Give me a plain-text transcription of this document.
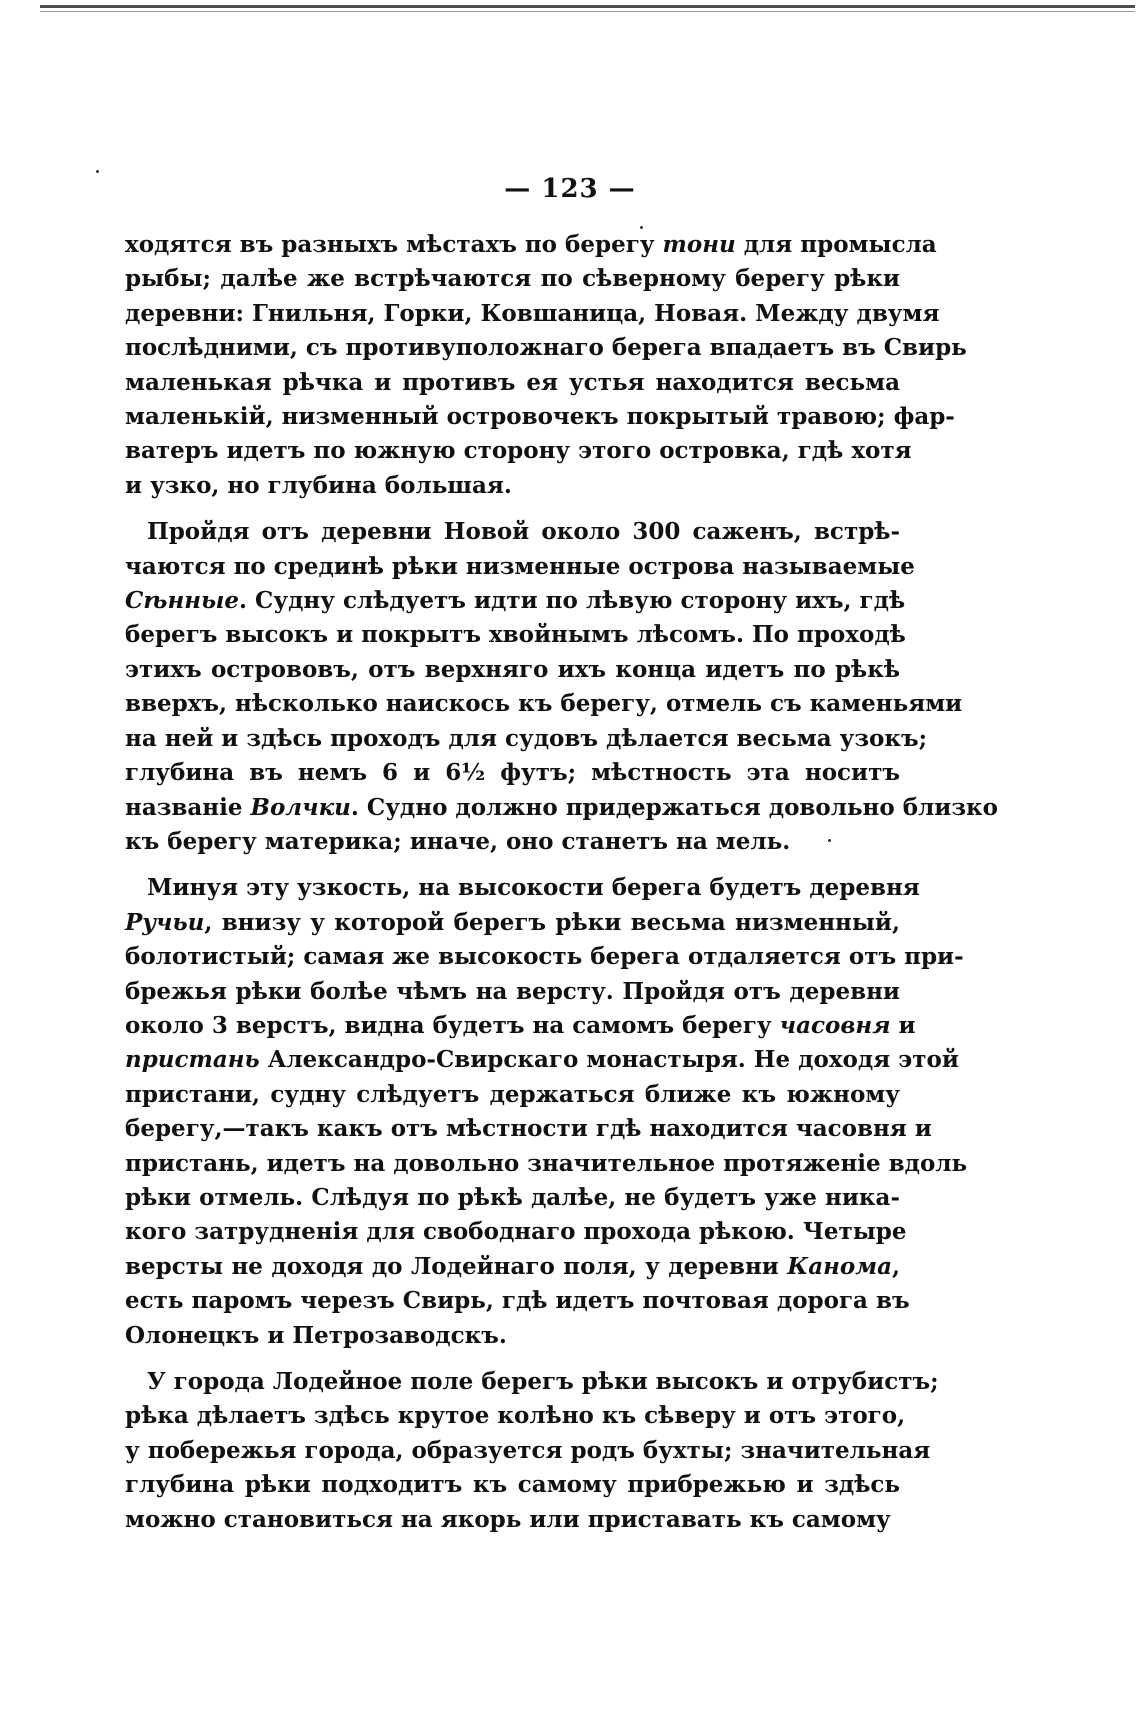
— 123 —
ходятся въ разныхъ мѣстахъ по берегу тони для промысла
рыбы; далѣе же встрѣчаются по сѣверному берегу рѣки
деревни: Гнильня, Горки, Ковшаница, Новая. Между двумя
послѣдними, съ противуположнаго берега впадаетъ въ Свирь
маленькая рѣчка и противъ ея устья находится весьма
маленькій, низменный островочекъ покрытый травою; фар-
ватеръ идетъ по южную сторону этого островка, гдѣ хотя
и узко, но глубина большая.
Пройдя отъ деревни Новой около 300 саженъ, встрѣ-
чаются по срединѣ рѣки низменные острова называемые
Сѣнные. Судну слѣдуетъ идти по лѣвую сторону ихъ, гдѣ
берегъ высокъ и покрытъ хвойнымъ лѣсомъ. По проходѣ
этихъ острововъ, отъ верхняго ихъ конца идетъ по рѣкѣ
вверхъ, нѣсколько наискось къ берегу, отмель съ каменьями
на ней и здѣсь проходъ для судовъ дѣлается весьма узокъ;
глубина въ немъ 6 и 6½ футъ; мѣстность эта носитъ
названіе Волчки. Судно должно придержаться довольно близко
къ берегу материка; иначе, оно станетъ на мель.
Минуя эту узкость, на высокости берега будетъ деревня
Ручьи, внизу у которой берегъ рѣки весьма низменный,
болотистый; самая же высокость берега отдаляется отъ при-
брежья рѣки болѣе чѣмъ на версту. Пройдя отъ деревни
около 3 верстъ, видна будетъ на самомъ берегу часовня и
пристань Александро-Свирскаго монастыря. Не доходя этой
пристани, судну слѣдуетъ держаться ближе къ южному
берегу,—такъ какъ отъ мѣстности гдѣ находится часовня и
пристань, идетъ на довольно значительное протяженіе вдоль
рѣки отмель. Слѣдуя по рѣкѣ далѣе, не будетъ уже ника-
кого затрудненія для свободнаго прохода рѣкою. Четыре
версты не доходя до Лодейнаго поля, у деревни Канома,
есть паромъ черезъ Свирь, гдѣ идетъ почтовая дорога въ
Олонецкъ и Петрозаводскъ.
У города Лодейное поле берегъ рѣки высокъ и отрубистъ;
рѣка дѣлаетъ здѣсь крутое колѣно къ сѣверу и отъ этого,
у побережья города, образуется родъ бухты; значительная
глубина рѣки подходитъ къ самому прибрежью и здѣсь
можно становиться на якорь или приставать къ самому
